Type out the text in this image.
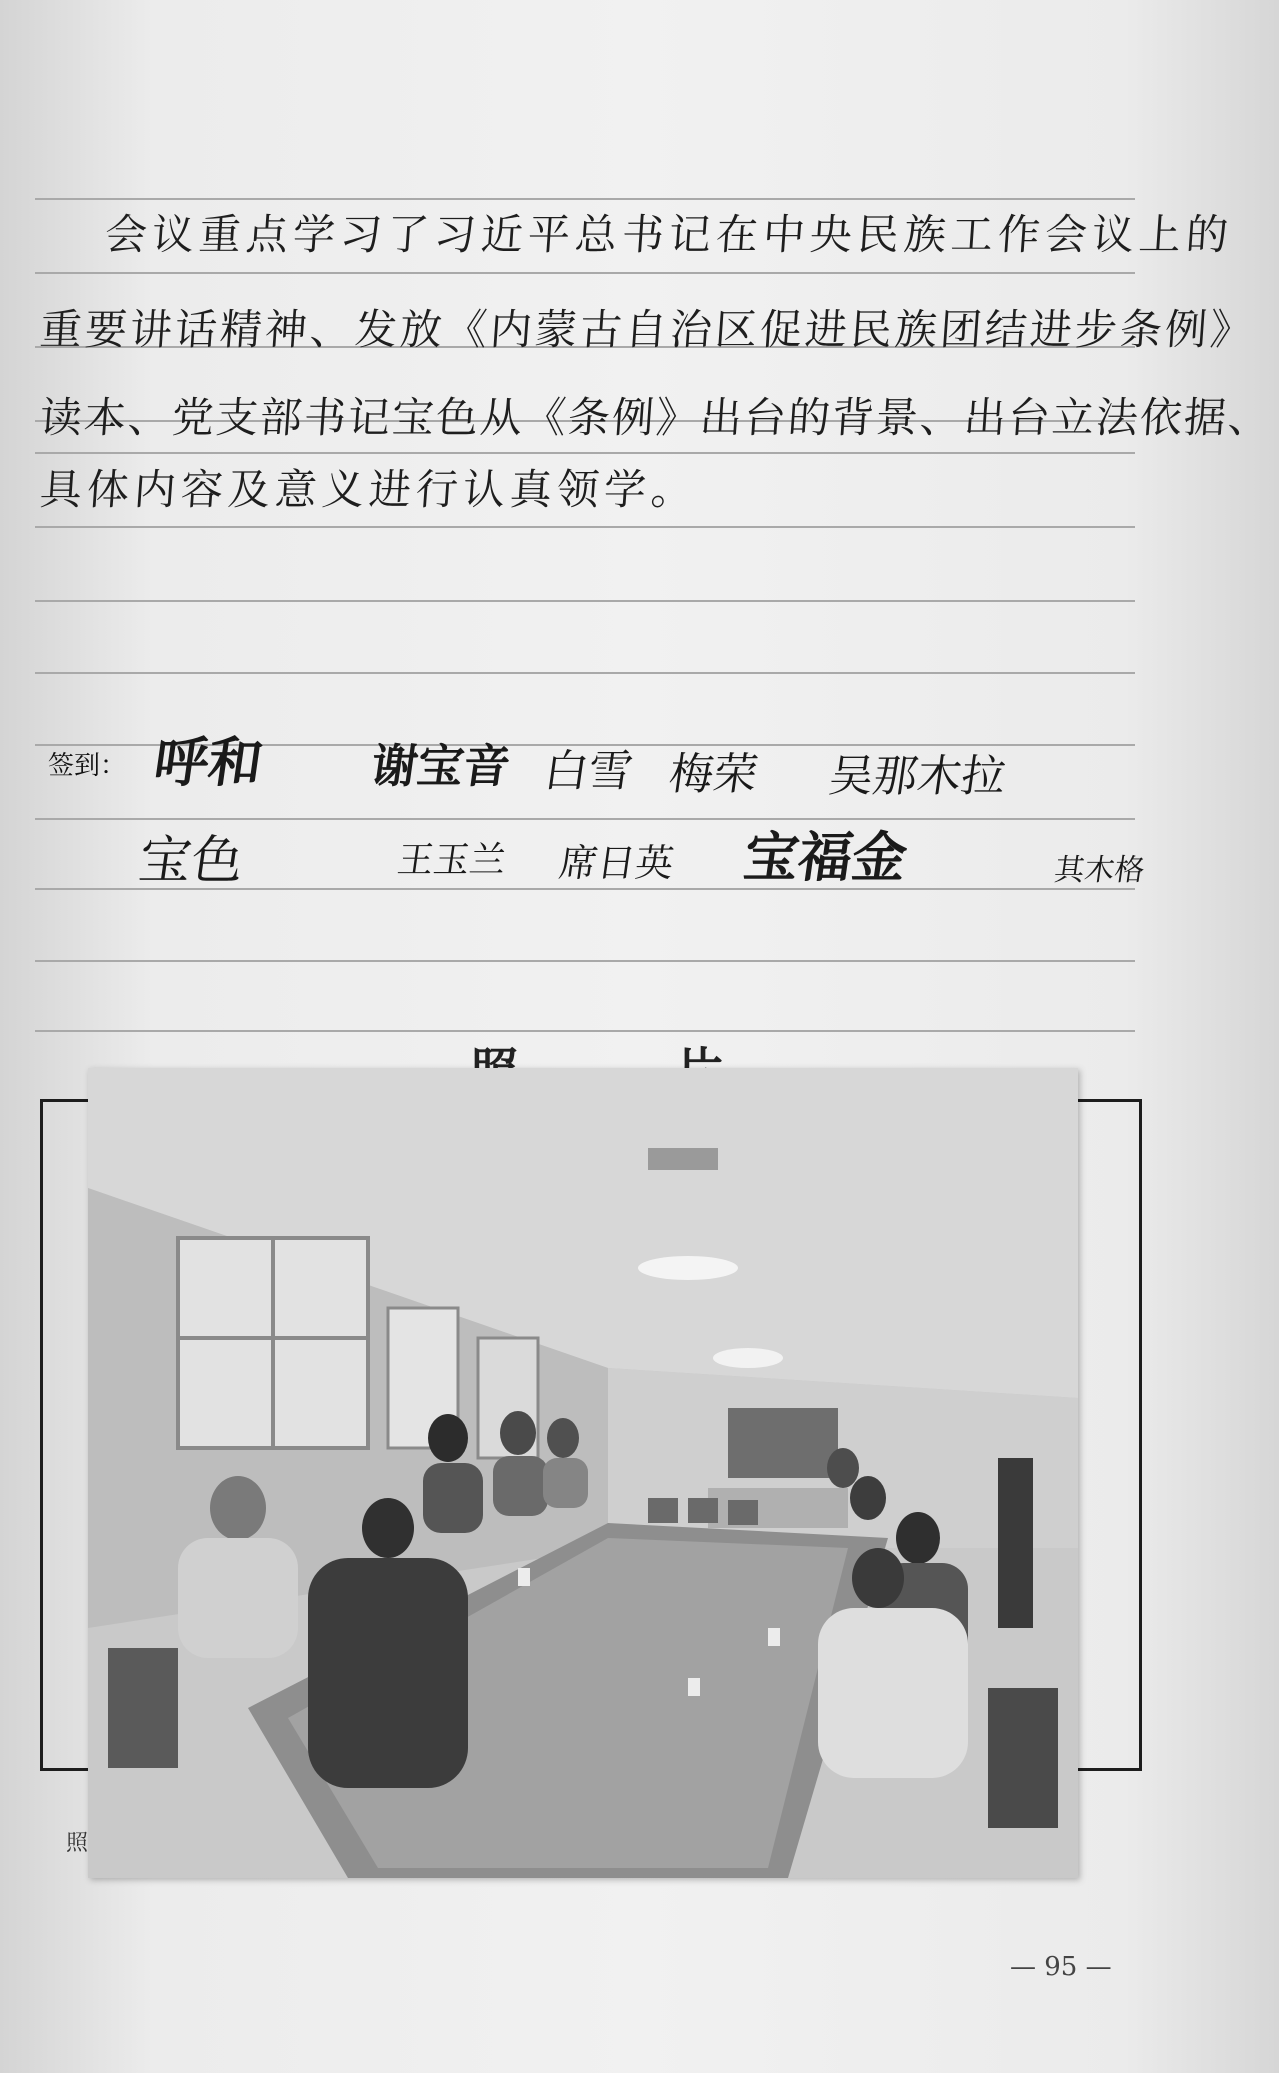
会议重点学习了习近平总书记在中央民族工作会议上的
重要讲话精神、发放《内蒙古自治区促进民族团结进步条例》
读本、党支部书记宝色从《条例》出台的背景、出台立法依据、
具体内容及意义进行认真领学。
签到： 呼和 谢宝音 白雪 梅荣 吴那木拉
宝色	王玉兰 席日英 宝福金	其木格
照
— 95 —
